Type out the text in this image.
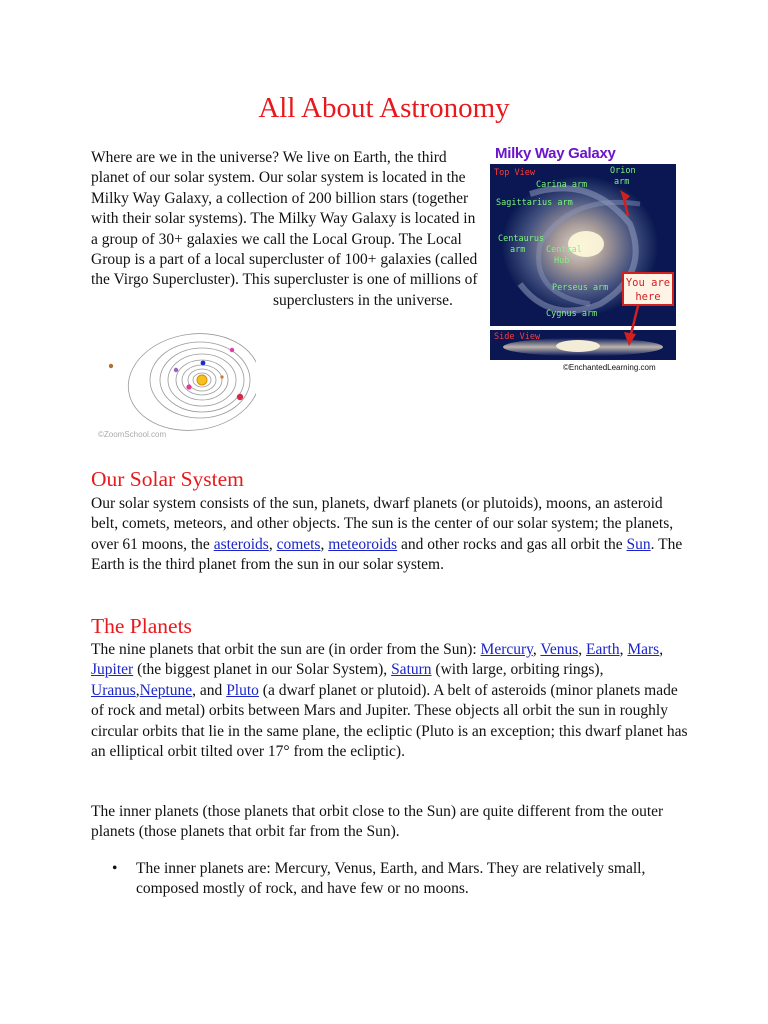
All About Astronomy

Where are we in the universe? We live on Earth, the third planet of our solar system. Our solar system is located in the Milky Way Galaxy, a collection of 200 billion stars (together with their solar systems). The Milky Way Galaxy is located in a group of 30+ galaxies we call the Local Group. The Local Group is a part of a local supercluster of 100+ galaxies (called the Virgo Supercluster). This supercluster is one of millions of
superclusters in the universe.

Milky Way Galaxy
Top View
Carina arm
Orion
arm
Sagittarius arm
Centaurus
arm Central
Hub
Perseus arm
Cygnus arm
You are
here
Side View
©EnchantedLearning.com
©ZoomSchool.com
Our Solar System

Our solar system consists of the sun, planets, dwarf planets (or plutoids), moons, an asteroid belt, comets, meteors, and other objects. The sun is the center of our solar system; the planets, over 61 moons, the asteroids, comets, meteoroids and other rocks and gas all orbit the Sun. The Earth is the third planet from the sun in our solar system.

The Planets

The nine planets that orbit the sun are (in order from the Sun): Mercury, Venus, Earth, Mars, Jupiter (the biggest planet in our Solar System), Saturn (with large, orbiting rings), Uranus,Neptune, and Pluto (a dwarf planet or plutoid). A belt of asteroids (minor planets made of rock and metal) orbits between Mars and Jupiter. These objects all orbit the sun in roughly circular orbits that lie in the same plane, the ecliptic (Pluto is an exception; this dwarf planet has an elliptical orbit tilted over 17° from the ecliptic).

The inner planets (those planets that orbit close to the Sun) are quite different from the outer planets (those planets that orbit far from the Sun).

• The inner planets are: Mercury, Venus, Earth, and Mars. They are relatively small, composed mostly of rock, and have few or no moons.
